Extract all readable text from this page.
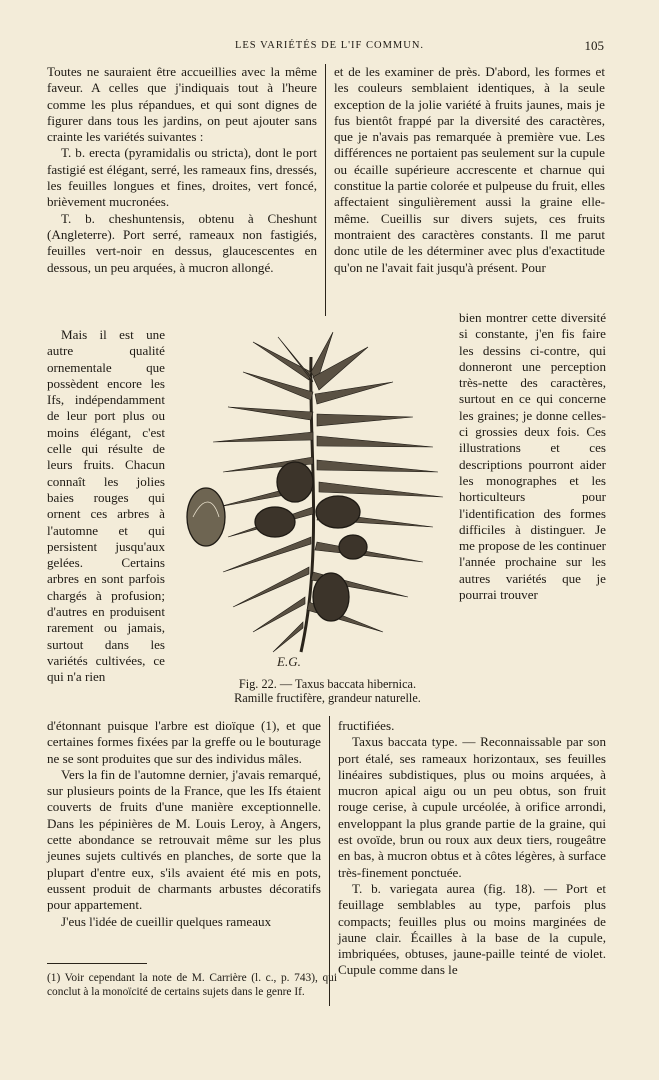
LES VARIÉTÉS DE L'IF COMMUN.	105

Toutes ne sauraient être accueillies avec la même faveur. A celles que j'indiquais tout à l'heure comme les plus répandues, et qui sont dignes de figurer dans tous les jardins, on peut ajouter sans crainte les variétés suivantes :

T. b. erecta (pyramidalis ou stricta), dont le port fastigié est élégant, serré, les rameaux fins, dressés, les feuilles longues et fines, droites, vert foncé, brièvement mucronées.

T. b. cheshuntensis, obtenu à Cheshunt (Angleterre). Port serré, rameaux non fastigiés, feuilles vert-noir en dessus, glaucescentes en dessous, un peu arquées, à mucron allongé.

et de les examiner de près. D'abord, les formes et les couleurs semblaient identiques, à la seule exception de la jolie variété à fruits jaunes, mais je fus bientôt frappé par la diversité des caractères, que je n'avais pas remarquée à première vue. Les différences ne portaient pas seulement sur la cupule ou écaille supérieure accrescente et charnue qui constitue la partie colorée et pulpeuse du fruit, elles affectaient singulièrement aussi la graine elle-même. Cueillis sur divers sujets, ces fruits montraient des caractères constants. Il me parut donc utile de les déterminer avec plus d'exactitude qu'on ne l'avait fait jusqu'à présent. Pour

Mais il est une autre qualité ornementale que possèdent encore les Ifs, indépendamment de leur port plus ou moins élégant, c'est celle qui résulte de leurs fruits. Chacun connaît les jolies baies rouges qui ornent ces arbres à l'automne et qui persistent jusqu'aux gelées. Certains arbres en sont parfois chargés à profusion; d'autres en produisent rarement ou jamais, surtout dans les variétés cultivées, ce qui n'a rien

bien montrer cette diversité si constante, j'en fis faire les dessins ci-contre, qui donneront une perception très-nette des caractères, surtout en ce qui concerne les graines; je donne celles-ci grossies deux fois. Ces illustrations et ces descriptions pourront aider les monographes et les horticulteurs pour l'identification des formes difficiles à distinguer. Je me propose de les continuer l'année prochaine sur les autres variétés que je pourrai trouver

E.G.
Fig. 22. — Taxus baccata hibernica.
Ramille fructifère, grandeur naturelle.

d'étonnant puisque l'arbre est dioïque (1), et que certaines formes fixées par la greffe ou le bouturage ne se sont produites que sur des individus mâles.

Vers la fin de l'automne dernier, j'avais remarqué, sur plusieurs points de la France, que les Ifs étaient couverts de fruits d'une manière exceptionnelle. Dans les pépinières de M. Louis Leroy, à Angers, cette abondance se retrouvait même sur les plus jeunes sujets cultivés en planches, de sorte que la plupart d'entre eux, s'ils avaient été mis en pots, eussent produit de charmants arbustes décoratifs pour appartement.

J'eus l'idée de cueillir quelques rameaux

fructifiées.

Taxus baccata type. — Reconnaissable par son port étalé, ses rameaux horizontaux, ses feuilles linéaires subdistiques, plus ou moins arquées, à mucron apical aigu ou un peu obtus, son fruit rouge cerise, à cupule urcéolée, à orifice arrondi, enveloppant la plus grande partie de la graine, qui est ovoïde, brun ou roux aux deux tiers, rougeâtre en bas, à mucron obtus et à côtes légères, à surface très-finement ponctuée.

T. b. variegata aurea (fig. 18). — Port et feuillage semblables au type, parfois plus compacts; feuilles plus ou moins marginées de jaune clair. Écailles à la base de la cupule, imbriquées, obtuses, jaune-paille teinté de violet. Cupule comme dans le

(1) Voir cependant la note de M. Carrière (l. c., p. 743), qui conclut à la monoïcité de certains sujets dans le genre If.
